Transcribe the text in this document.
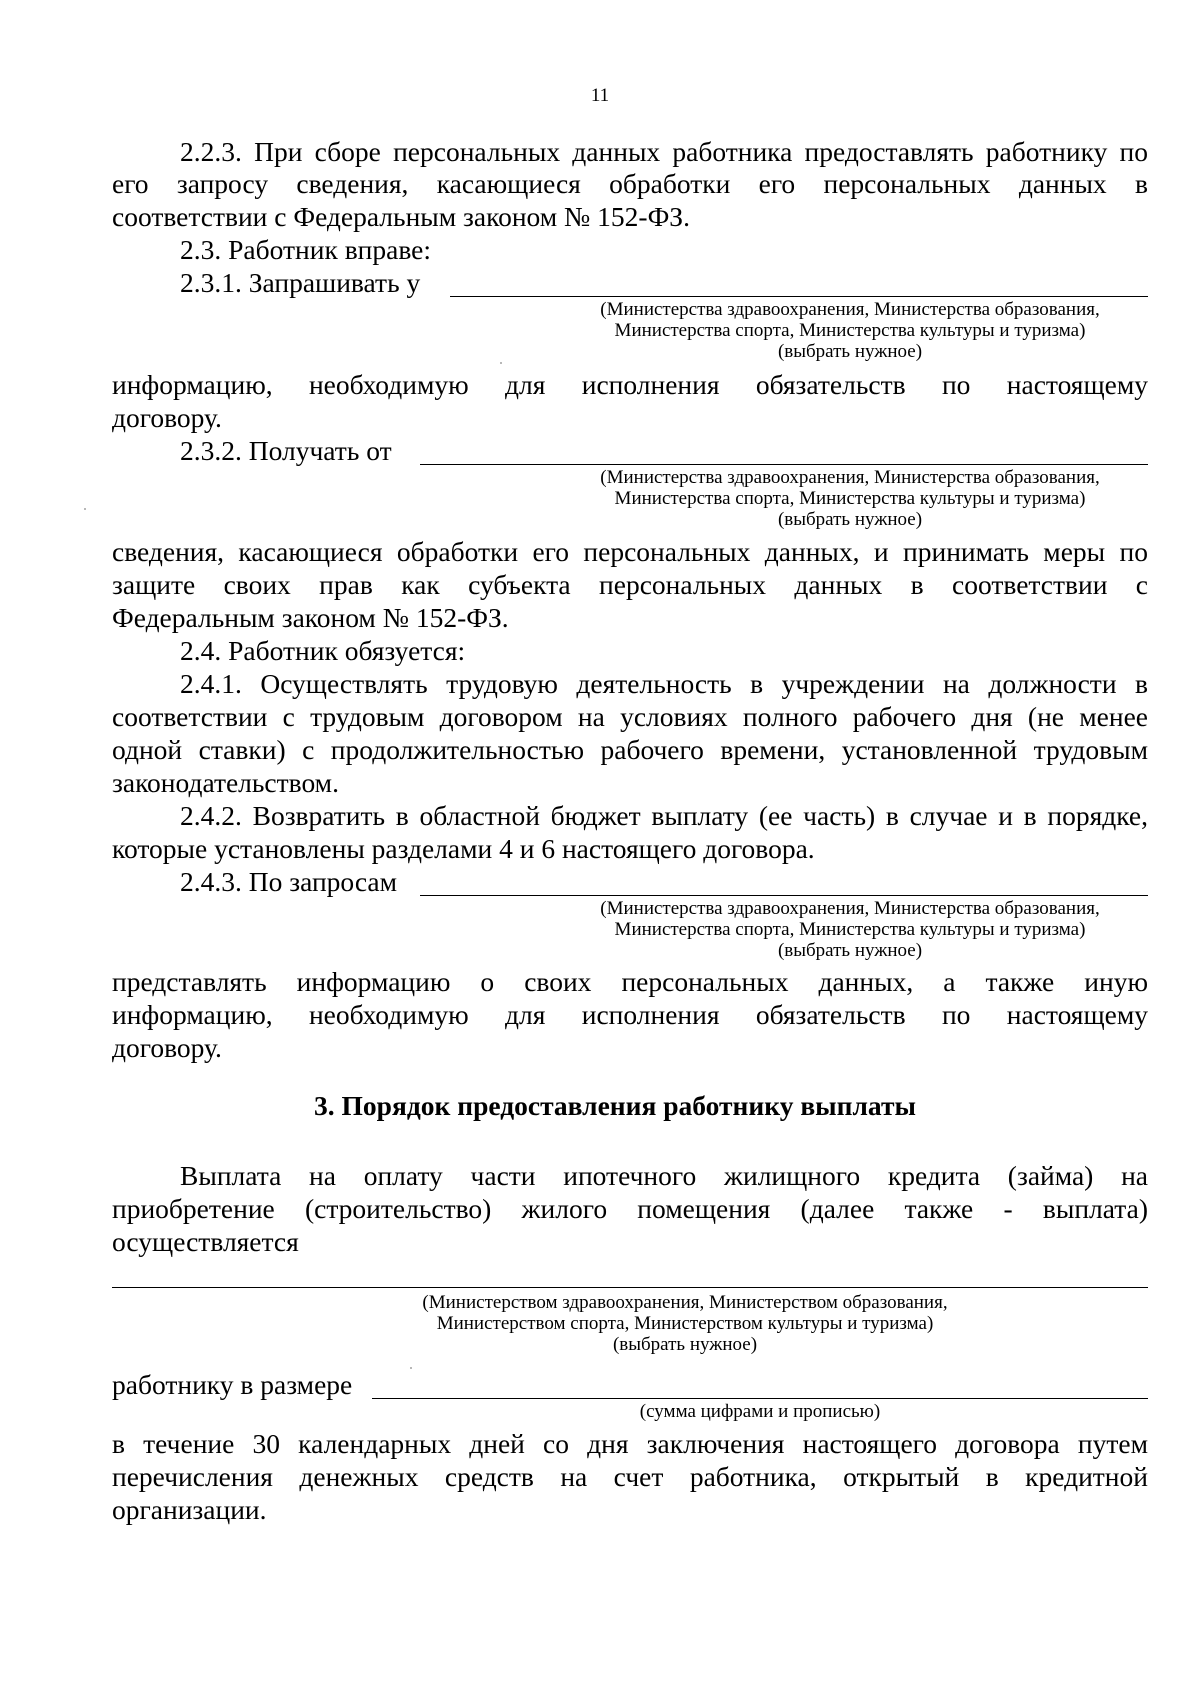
11
2.2.3. При сборе персональных данных работника предоставлять работнику по
его запросу сведения, касающиеся обработки его персональных данных в
соответствии с Федеральным законом № 152-ФЗ.
2.3. Работник вправе:
2.3.1. Запрашивать у
(Министерства здравоохранения, Министерства образования,
Министерства спорта, Министерства культуры и туризма)
(выбрать нужное)
информацию, необходимую для исполнения обязательств по настоящему
договору.
2.3.2. Получать от
(Министерства здравоохранения, Министерства образования,
Министерства спорта, Министерства культуры и туризма)
(выбрать нужное)
сведения, касающиеся обработки его персональных данных, и принимать меры по
защите своих прав как субъекта персональных данных в соответствии с
Федеральным законом № 152-ФЗ.
2.4. Работник обязуется:
2.4.1. Осуществлять трудовую деятельность в учреждении на должности в
соответствии с трудовым договором на условиях полного рабочего дня (не менее
одной ставки) с продолжительностью рабочего времени, установленной трудовым
законодательством.
2.4.2. Возвратить в областной бюджет выплату (ее часть) в случае и в порядке,
которые установлены разделами 4 и 6 настоящего договора.
2.4.3. По запросам
(Министерства здравоохранения, Министерства образования,
Министерства спорта, Министерства культуры и туризма)
(выбрать нужное)
представлять информацию о своих персональных данных, а также иную
информацию, необходимую для исполнения обязательств по настоящему
договору.
3. Порядок предоставления работнику выплаты
Выплата на оплату части ипотечного жилищного кредита (займа) на
приобретение (строительство) жилого помещения (далее также - выплата)
осуществляется
(Министерством здравоохранения, Министерством образования,
Министерством спорта, Министерством культуры и туризма)
(выбрать нужное)
работнику в размере
(сумма цифрами и прописью)
в течение 30 календарных дней со дня заключения настоящего договора путем
перечисления денежных средств на счет работника, открытый в кредитной
организации.
